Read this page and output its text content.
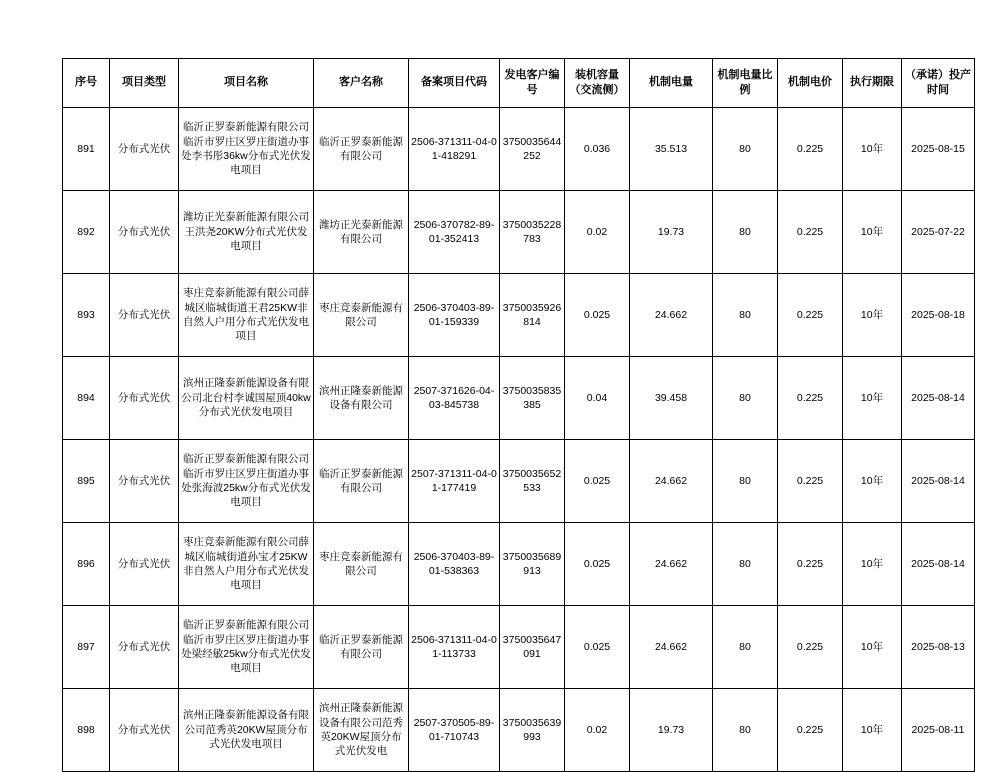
序号	项目类型	项目名称	客户名称	备案项目代码	发电客户编号	装机容量（交流侧）	机制电量	机制电量比例	机制电价	执行期限	（承诺）投产时间
891	分布式光伏	临沂正罗泰新能源有限公司临沂市罗庄区罗庄街道办事处李书彤36kw分布式光伏发电项目	临沂正罗泰新能源有限公司	2506-371311-04-01-418291	3750035644252	0.036	35.513	80	0.225	10年	2025-08-15
892	分布式光伏	潍坊正光泰新能源有限公司王洪尧20KW分布式光伏发电项目	潍坊正光泰新能源有限公司	2506-370782-89-01-352413	3750035228783	0.02	19.73	80	0.225	10年	2025-07-22
893	分布式光伏	枣庄竞泰新能源有限公司薛城区临城街道王君25KW非自然人户用分布式光伏发电项目	枣庄竞泰新能源有限公司	2506-370403-89-01-159339	3750035926814	0.025	24.662	80	0.225	10年	2025-08-18
894	分布式光伏	滨州正隆泰新能源设备有限公司北台村李诚国屋顶40kw分布式光伏发电项目	滨州正隆泰新能源设备有限公司	2507-371626-04-03-845738	3750035835385	0.04	39.458	80	0.225	10年	2025-08-14
895	分布式光伏	临沂正罗泰新能源有限公司临沂市罗庄区罗庄街道办事处张海波25kw分布式光伏发电项目	临沂正罗泰新能源有限公司	2507-371311-04-01-177419	3750035652533	0.025	24.662	80	0.225	10年	2025-08-14
896	分布式光伏	枣庄竞泰新能源有限公司薛城区临城街道孙宝才25KW非自然人户用分布式光伏发电项目	枣庄竞泰新能源有限公司	2506-370403-89-01-538363	3750035689913	0.025	24.662	80	0.225	10年	2025-08-14
897	分布式光伏	临沂正罗泰新能源有限公司临沂市罗庄区罗庄街道办事处梁经敏25kw分布式光伏发电项目	临沂正罗泰新能源有限公司	2506-371311-04-01-113733	3750035647091	0.025	24.662	80	0.225	10年	2025-08-13
898	分布式光伏	滨州正隆泰新能源设备有限公司范秀英20KW屋顶分布式光伏发电项目	滨州正隆泰新能源设备有限公司范秀英20KW屋顶分布式光伏发电	2507-370505-89-01-710743	3750035639993	0.02	19.73	80	0.225	10年	2025-08-11
